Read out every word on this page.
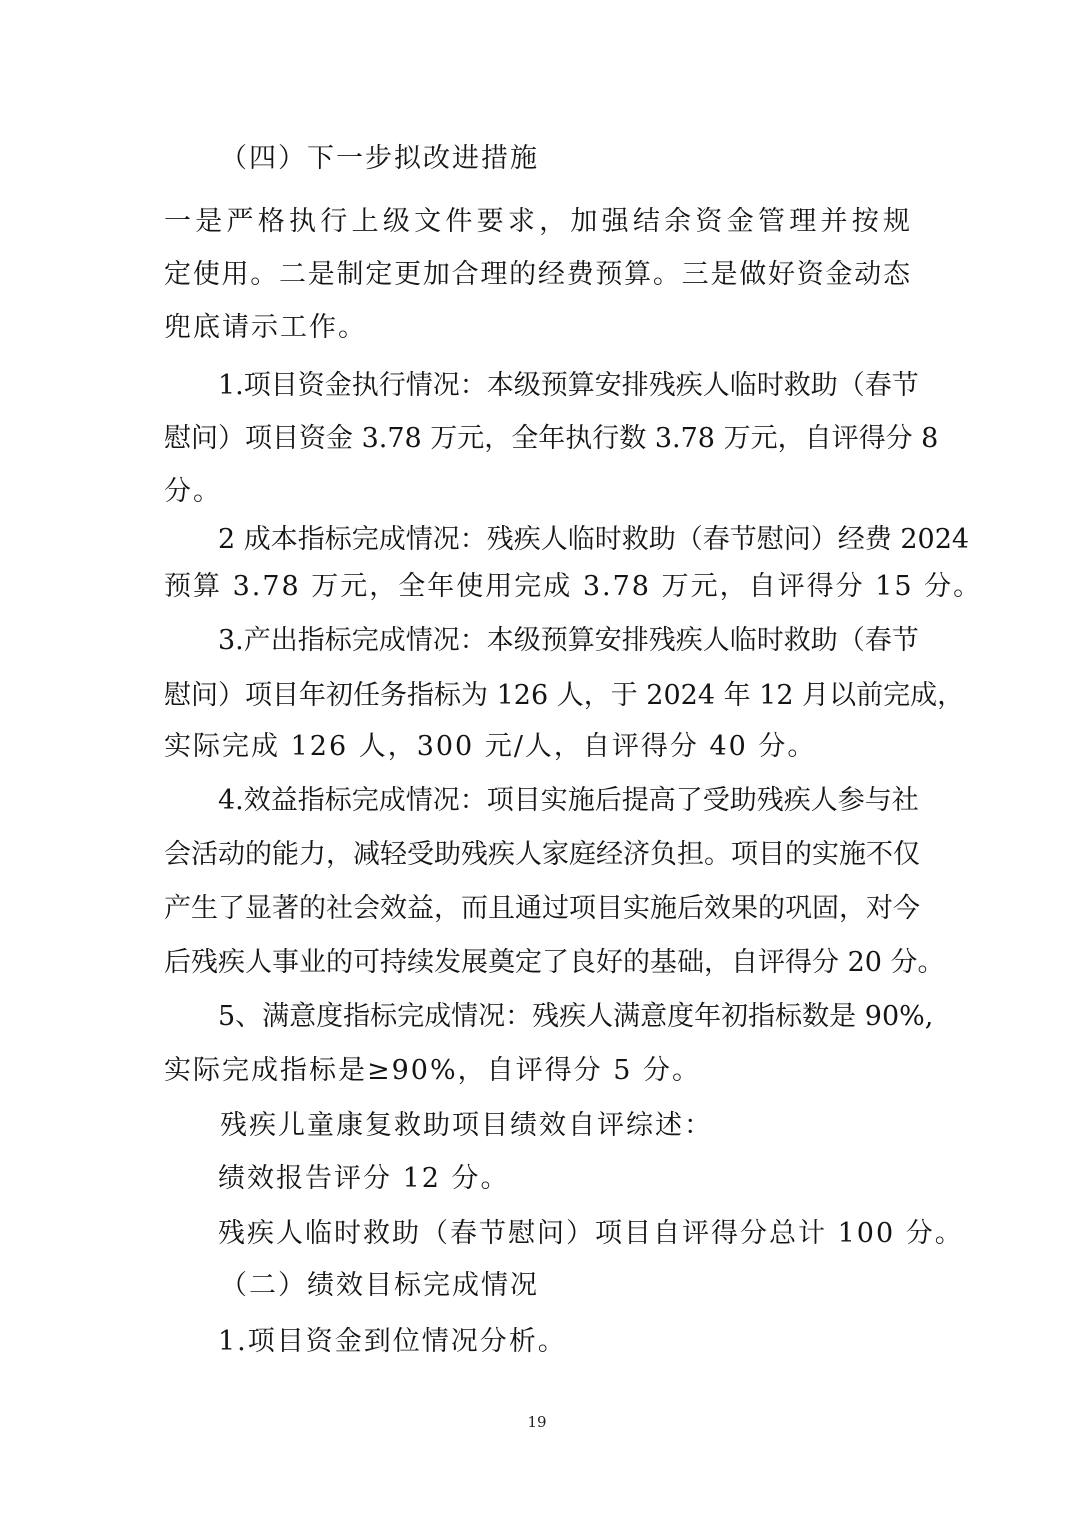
（四）下一步拟改进措施
一是严格执行上级文件要求，加强结余资金管理并按规
定使用。二是制定更加合理的经费预算。三是做好资金动态
兜底请示工作。
1.项目资金执行情况：本级预算安排残疾人临时救助（春节
慰问）项目资金 3.78 万元，全年执行数 3.78 万元，自评得分 8
分。
2 成本指标完成情况：残疾人临时救助（春节慰问）经费 2024
预算 3.78 万元，全年使用完成 3.78 万元，自评得分 15 分。
3.产出指标完成情况：本级预算安排残疾人临时救助（春节
慰问）项目年初任务指标为 126 人，于 2024 年 12 月以前完成，
实际完成 126 人，300 元/人，自评得分 40 分。
4.效益指标完成情况：项目实施后提高了受助残疾人参与社
会活动的能力，减轻受助残疾人家庭经济负担。项目的实施不仅
产生了显著的社会效益，而且通过项目实施后效果的巩固，对今
后残疾人事业的可持续发展奠定了良好的基础，自评得分 20 分。
5、满意度指标完成情况：残疾人满意度年初指标数是 90%,
实际完成指标是≥90%，自评得分 5 分。
残疾儿童康复救助项目绩效自评综述：
绩效报告评分 12 分。
残疾人临时救助（春节慰问）项目自评得分总计 100 分。
（二）绩效目标完成情况
1.项目资金到位情况分析。
19
